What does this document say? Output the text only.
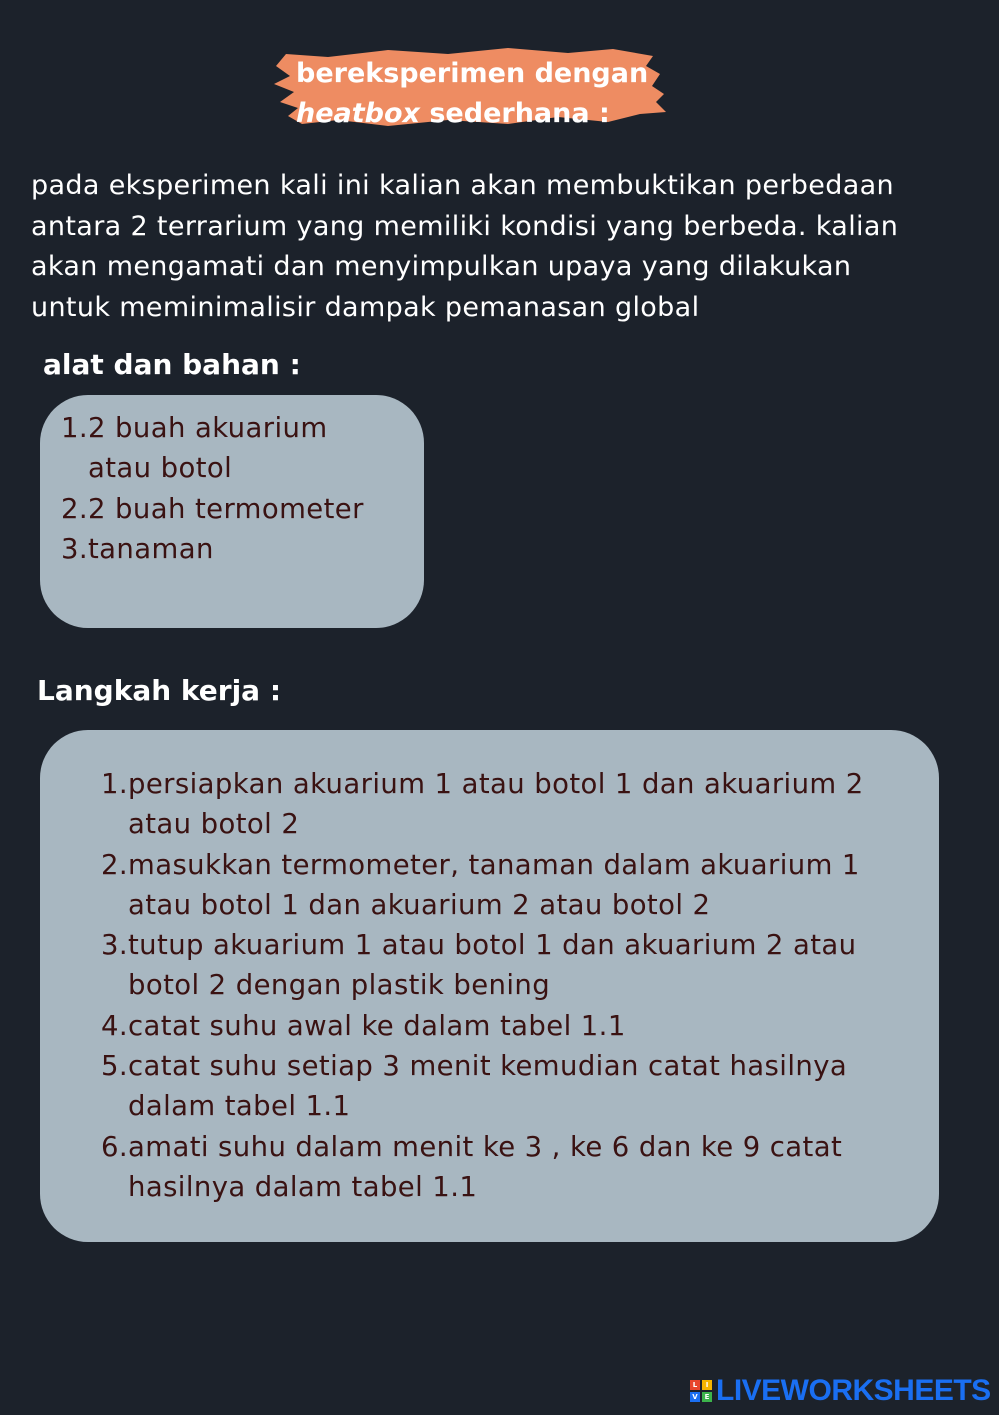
bereksperimen dengan
heatbox sederhana :
pada eksperimen kali ini kalian akan membuktikan perbedaan
antara 2 terrarium yang memiliki kondisi yang berbeda. kalian
akan mengamati dan menyimpulkan upaya yang dilakukan
untuk meminimalisir dampak pemanasan global
alat dan bahan :
1. 2 buah akuarium
atau botol
2. 2 buah termometer
3. tanaman
Langkah kerja :
1. persiapkan akuarium 1 atau botol 1 dan akuarium 2
atau botol 2
2. masukkan termometer, tanaman dalam akuarium 1
atau botol 1 dan akuarium 2 atau botol 2
3. tutup akuarium 1 atau botol 1 dan akuarium 2 atau
botol 2 dengan plastik bening
4. catat suhu awal ke dalam tabel 1.1
5. catat suhu setiap 3 menit kemudian catat hasilnya
dalam tabel 1.1
6. amati suhu dalam menit ke 3 , ke 6 dan ke 9 catat
hasilnya dalam tabel 1.1
L	I
V E LIVEWORKSHEETS
